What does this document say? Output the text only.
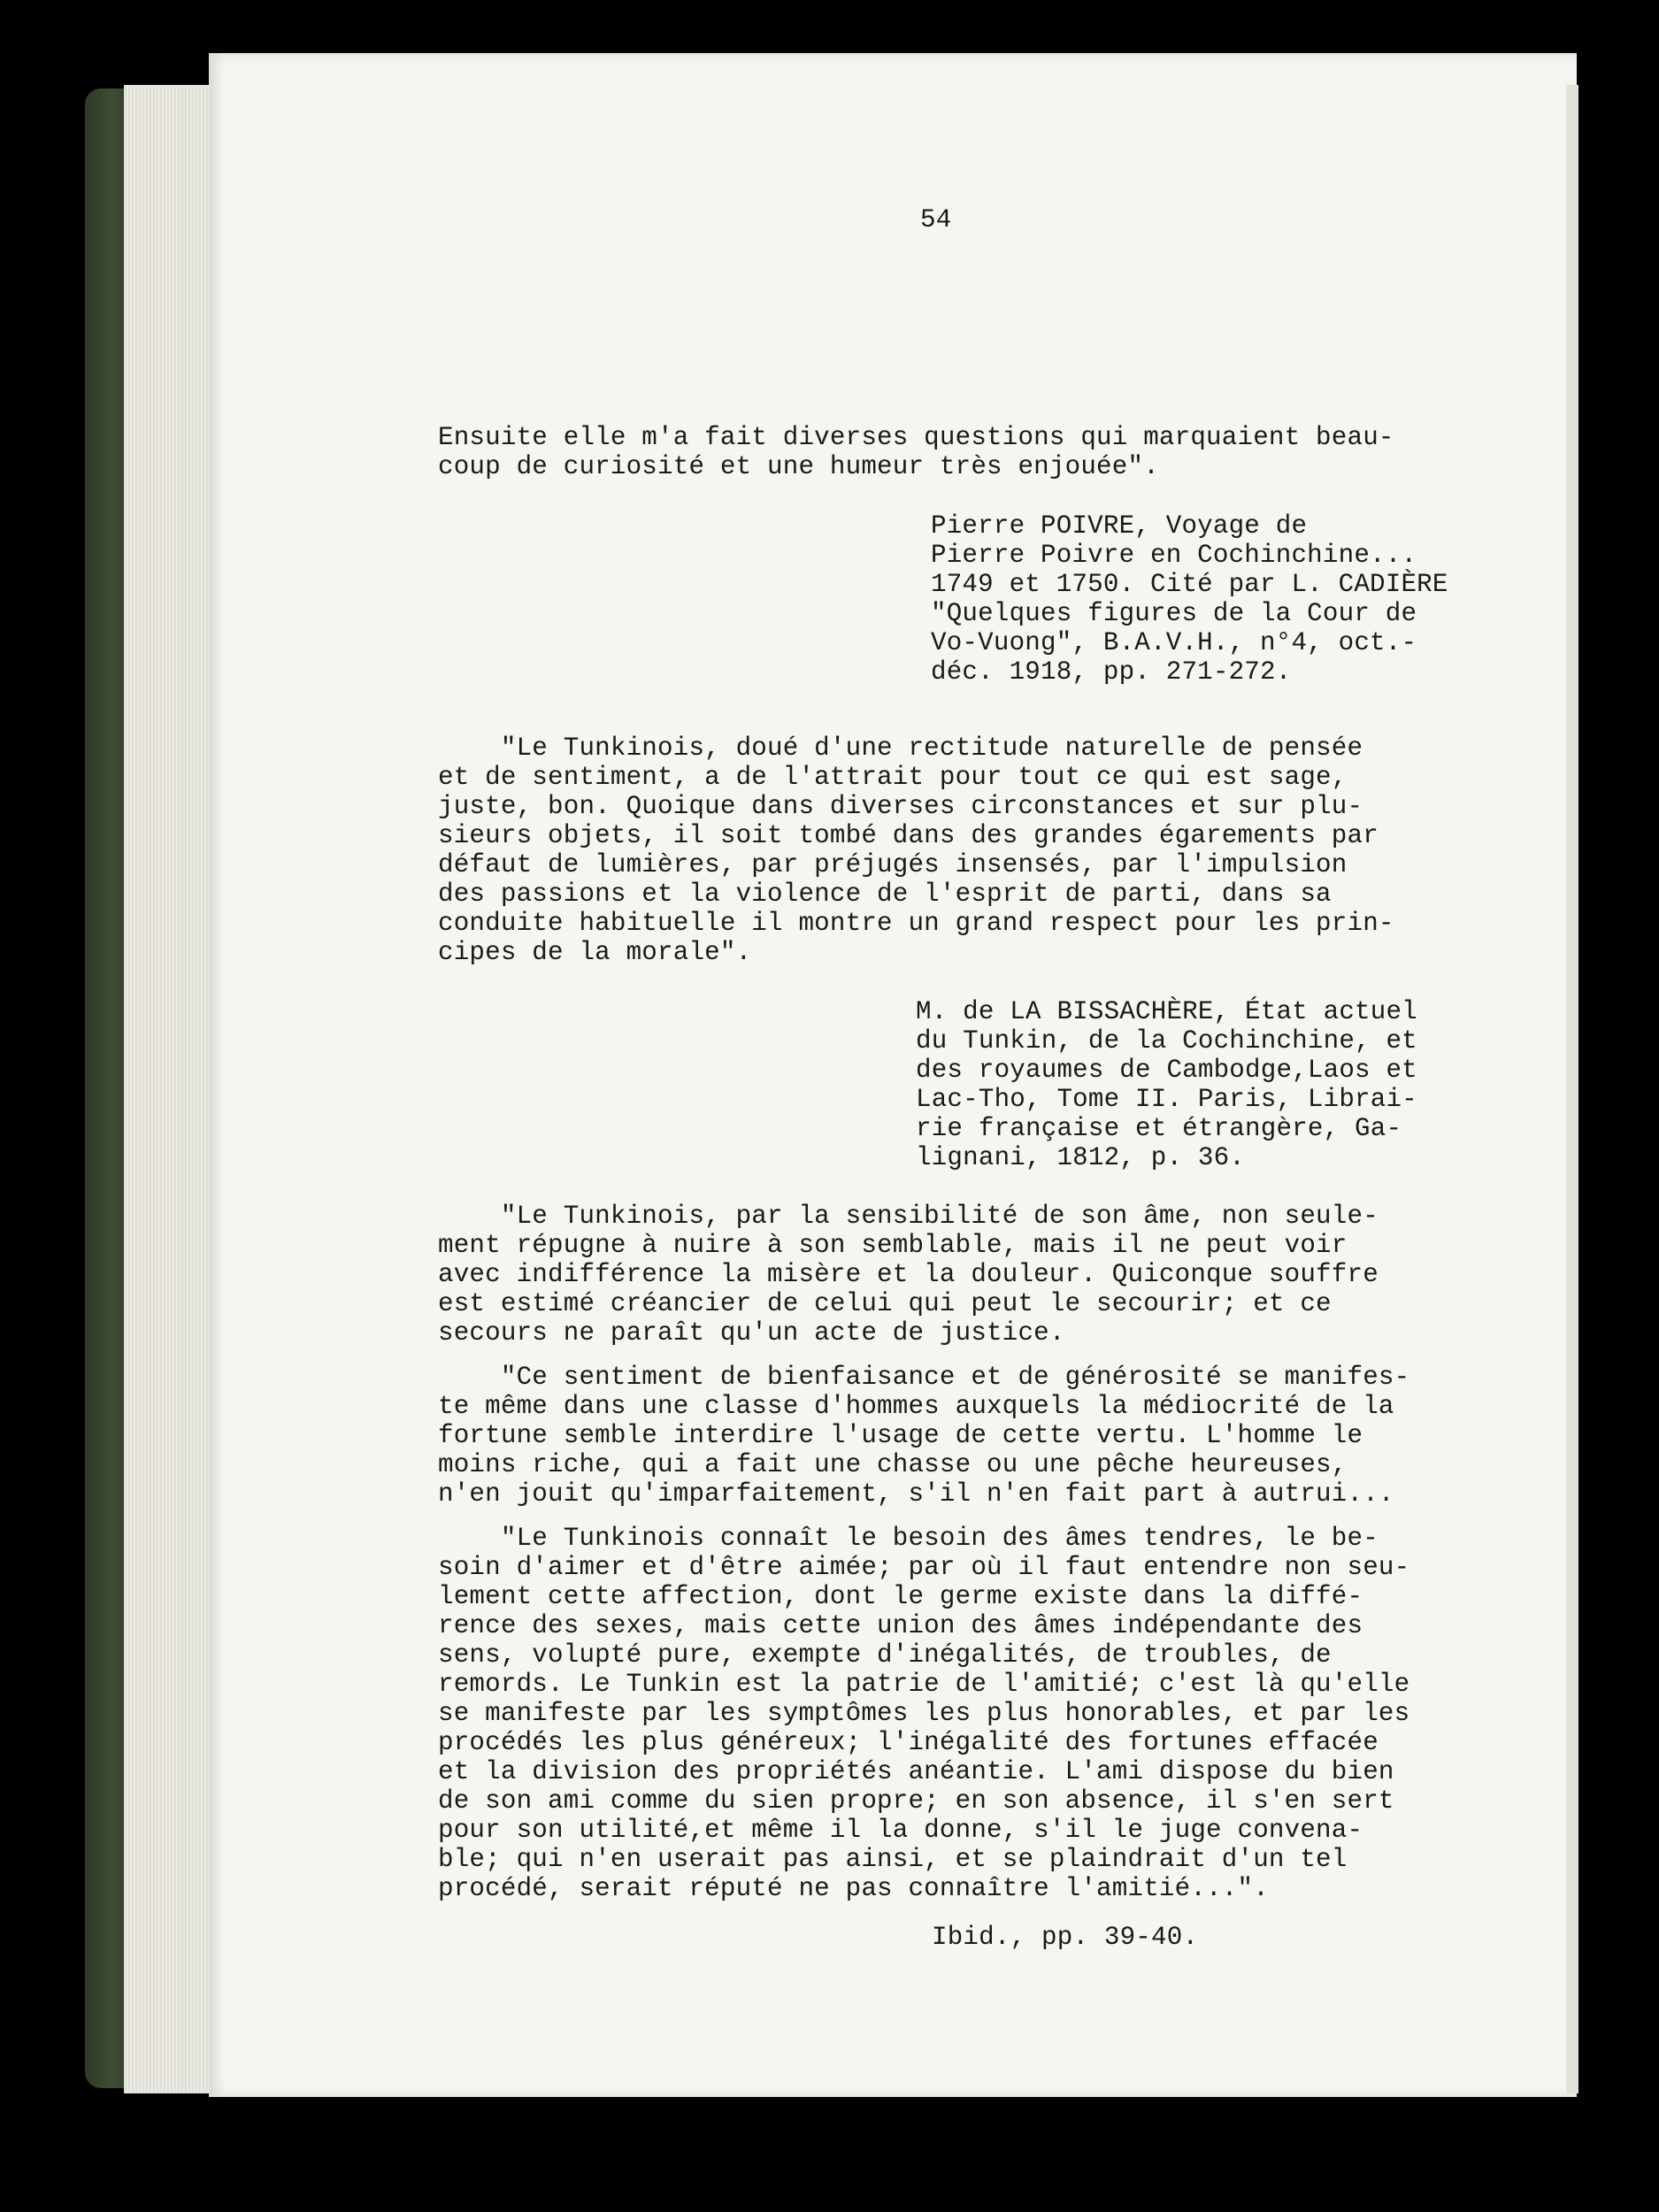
54
Ensuite elle m'a fait diverses questions qui marquaient beau-
coup de curiosité et une humeur très enjouée".
Pierre POIVRE, Voyage de
Pierre Poivre en Cochinchine...
1749 et 1750. Cité par L. CADIÈRE
"Quelques figures de la Cour de
Vo-Vuong", B.A.V.H., n°4, oct.-
déc. 1918, pp. 271-272.
"Le Tunkinois, doué d'une rectitude naturelle de pensée
et de sentiment, a de l'attrait pour tout ce qui est sage,
juste, bon. Quoique dans diverses circonstances et sur plu-
sieurs objets, il soit tombé dans des grandes égarements par
défaut de lumières, par préjugés insensés, par l'impulsion
des passions et la violence de l'esprit de parti, dans sa
conduite habituelle il montre un grand respect pour les prin-
cipes de la morale".
M. de LA BISSACHÈRE, État actuel
du Tunkin, de la Cochinchine, et
des royaumes de Cambodge,Laos et
Lac-Tho, Tome II. Paris, Librai-
rie française et étrangère, Ga-
lignani, 1812, p. 36.
"Le Tunkinois, par la sensibilité de son âme, non seule-
ment répugne à nuire à son semblable, mais il ne peut voir
avec indifférence la misère et la douleur. Quiconque souffre
est estimé créancier de celui qui peut le secourir; et ce
secours ne paraît qu'un acte de justice.
"Ce sentiment de bienfaisance et de générosité se manifes-
te même dans une classe d'hommes auxquels la médiocrité de la
fortune semble interdire l'usage de cette vertu. L'homme le
moins riche, qui a fait une chasse ou une pêche heureuses,
n'en jouit qu'imparfaitement, s'il n'en fait part à autrui...
"Le Tunkinois connaît le besoin des âmes tendres, le be-
soin d'aimer et d'être aimée; par où il faut entendre non seu-
lement cette affection, dont le germe existe dans la diffé-
rence des sexes, mais cette union des âmes indépendante des
sens, volupté pure, exempte d'inégalités, de troubles, de
remords. Le Tunkin est la patrie de l'amitié; c'est là qu'elle
se manifeste par les symptômes les plus honorables, et par les
procédés les plus généreux; l'inégalité des fortunes effacée
et la division des propriétés anéantie. L'ami dispose du bien
de son ami comme du sien propre; en son absence, il s'en sert
pour son utilité,et même il la donne, s'il le juge convena-
ble; qui n'en userait pas ainsi, et se plaindrait d'un tel
procédé, serait réputé ne pas connaître l'amitié...".
Ibid., pp. 39-40.
